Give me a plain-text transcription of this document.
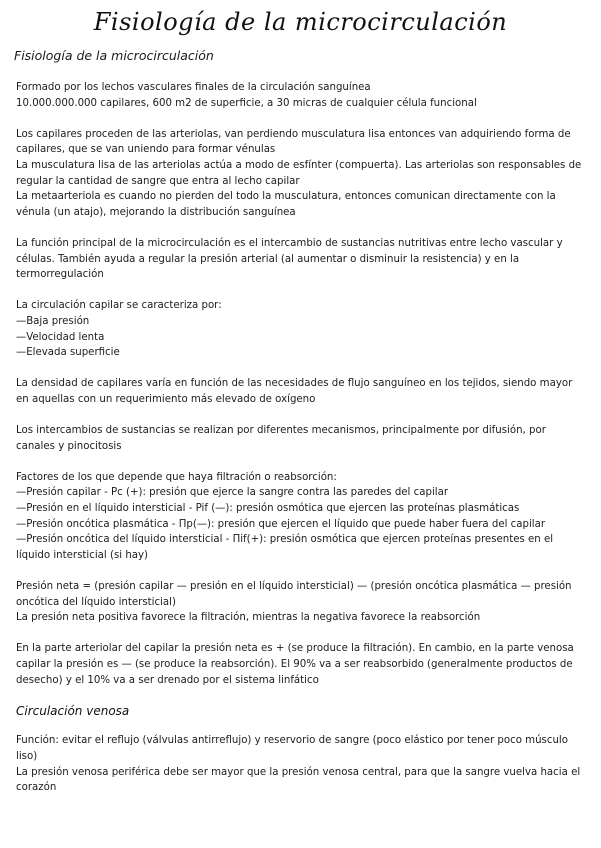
Fisiología de la microcirculación
Fisiología de la microcirculación

Formado por los lechos vasculares finales de la circulación sanguínea
10.000.000.000 capilares, 600 m2 de superficie, a 30 micras de cualquier célula funcional

Los capilares proceden de las arteriolas, van perdiendo musculatura lisa entonces van adquiriendo forma de capilares, que se van uniendo para formar vénulas
La musculatura lisa de las arteriolas actúa a modo de esfínter (compuerta). Las arteriolas son responsables de regular la cantidad de sangre que entra al lecho capilar
La metaarteriola es cuando no pierden del todo la musculatura, entonces comunican directamente con la vénula (un atajo), mejorando la distribución sanguínea

La función principal de la microcirculación es el intercambio de sustancias nutritivas entre lecho vascular y células. También ayuda a regular la presión arterial (al aumentar o disminuir la resistencia) y en la termorregulación

La circulación capilar se caracteriza por:
—Baja presión
—Velocidad lenta
—Elevada superficie

La densidad de capilares varía en función de las necesidades de flujo sanguíneo en los tejidos, siendo mayor en aquellas con un requerimiento más elevado de oxígeno

Los intercambios de sustancias se realizan por diferentes mecanismos, principalmente por difusión, por canales y pinocitosis

Factores de los que depende que haya filtración o reabsorción:
—Presión capilar - Pc (+): presión que ejerce la sangre contra las paredes del capilar
—Presión en el líquido intersticial - Pif (—): presión osmótica que ejercen las proteínas plasmáticas
—Presión oncótica plasmática - Πp(—): presión que ejercen el líquido que puede haber fuera del capilar
—Presión oncótica del líquido intersticial - Πif(+): presión osmótica que ejercen proteínas presentes en el líquido intersticial (si hay)

Presión neta = (presión capilar — presión en el líquido intersticial) — (presión oncótica plasmática — presión oncótica del líquido intersticial)
La presión neta positiva favorece la filtración, mientras la negativa favorece la reabsorción

En la parte arteriolar del capilar la presión neta es + (se produce la filtración). En cambio, en la parte venosa capilar la presión es — (se produce la reabsorción). El 90% va a ser reabsorbido (generalmente productos de desecho) y el 10% va a ser drenado por el sistema linfático

Circulación venosa

Función: evitar el reflujo (válvulas antirreflujo) y reservorio de sangre (poco elástico por tener poco músculo liso)
La presión venosa periférica debe ser mayor que la presión venosa central, para que la sangre vuelva hacia el corazón
